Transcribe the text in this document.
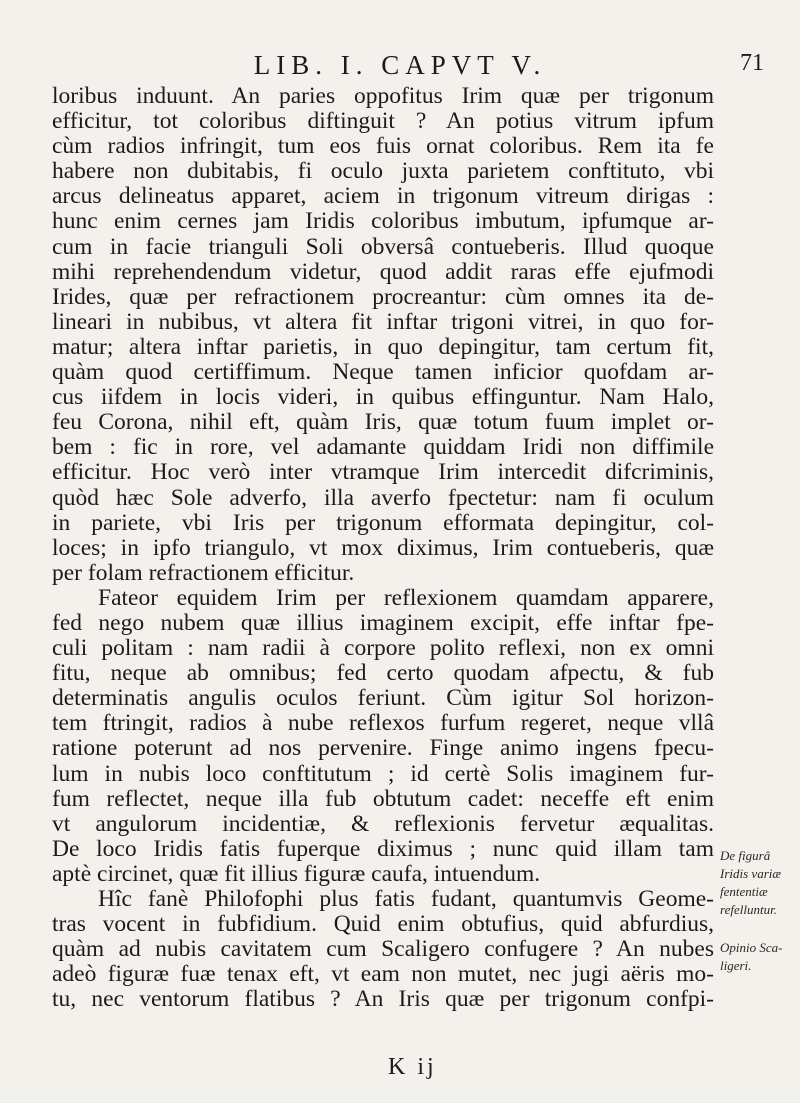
LIB. I. CAPVT V.	71
loribus induunt. An paries oppofitus Irim quæ per trigonum
efficitur, tot coloribus diftinguit ? An potius vitrum ipfum
cùm radios infringit, tum eos fuis ornat coloribus. Rem ita fe
habere non dubitabis, fi oculo juxta parietem conftituto, vbi
arcus delineatus apparet, aciem in trigonum vitreum dirigas :
hunc enim cernes jam Iridis coloribus imbutum, ipfumque ar-
cum in facie trianguli Soli obversâ contueberis. Illud quoque
mihi reprehendendum videtur, quod addit raras effe ejufmodi
Irides, quæ per refractionem procreantur: cùm omnes ita de-
lineari in nubibus, vt altera fit inftar trigoni vitrei, in quo for-
matur; altera inftar parietis, in quo depingitur, tam certum fit,
quàm quod certiffimum. Neque tamen inficior quofdam ar-
cus iifdem in locis videri, in quibus effinguntur. Nam Halo,
feu Corona, nihil eft, quàm Iris, quæ totum fuum implet or-
bem : fic in rore, vel adamante quiddam Iridi non diffimile
efficitur. Hoc verò inter vtramque Irim intercedit difcriminis,
quòd hæc Sole adverfo, illa averfo fpectetur: nam fi oculum
in pariete, vbi Iris per trigonum efformata depingitur, col-
loces; in ipfo triangulo, vt mox diximus, Irim contueberis, quæ
per folam refractionem efficitur.
Fateor equidem Irim per reflexionem quamdam apparere,
fed nego nubem quæ illius imaginem excipit, effe inftar fpe-
culi politam : nam radii à corpore polito reflexi, non ex omni
fitu, neque ab omnibus; fed certo quodam afpectu, & fub
determinatis angulis oculos feriunt. Cùm igitur Sol horizon-
tem ftringit, radios à nube reflexos furfum regeret, neque vllâ
ratione poterunt ad nos pervenire. Finge animo ingens fpecu-
lum in nubis loco conftitutum ; id certè Solis imaginem fur-
fum reflectet, neque illa fub obtutum cadet: neceffe eft enim
vt angulorum incidentiæ, & reflexionis fervetur æqualitas.
De loco Iridis fatis fuperque diximus ; nunc quid illam tam
aptè circinet, quæ fit illius figuræ caufa, intuendum.
Hîc fanè Philofophi plus fatis fudant, quantumvis Geome-
tras vocent in fubfidium. Quid enim obtufius, quid abfurdius,
quàm ad nubis cavitatem cum Scaligero confugere ? An nubes
adeò figuræ fuæ tenax eft, vt eam non mutet, nec jugi aëris mo-
tu, nec ventorum flatibus ? An Iris quæ per trigonum confpi-
De figurâ
Iridis variæ
fententiæ
refelluntur.
Opinio Sca-
ligeri.
K ij
